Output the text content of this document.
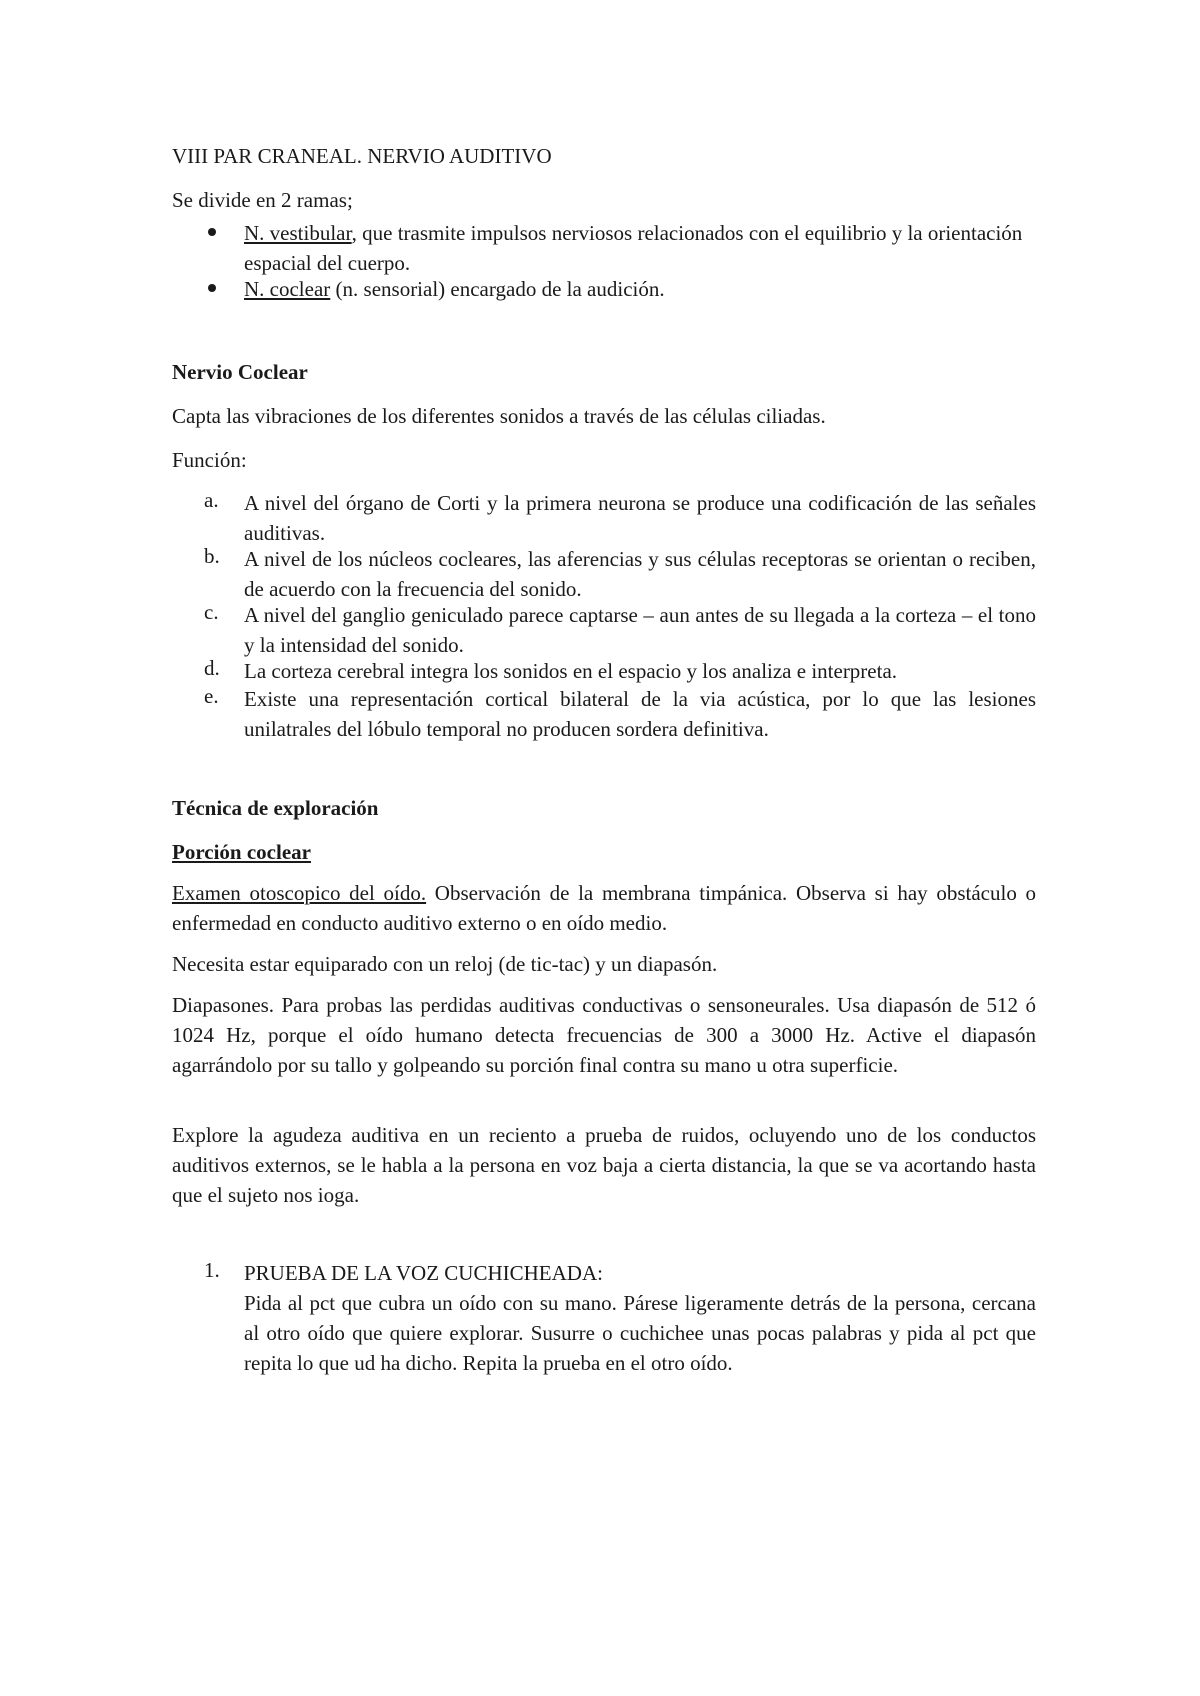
VIII PAR CRANEAL. NERVIO AUDITIVO
Se divide en 2 ramas;
N. vestibular, que trasmite impulsos nerviosos relacionados con el equilibrio y la orientación espacial del cuerpo.
N. coclear (n. sensorial) encargado de la audición.
Nervio Coclear
Capta las vibraciones de los diferentes sonidos a través de las células ciliadas.
Función:
a. A nivel del órgano de Corti y la primera neurona se produce una codificación de las señales auditivas.
b. A nivel de los núcleos cocleares, las aferencias y sus células receptoras se orientan o reciben, de acuerdo con la frecuencia del sonido.
c. A nivel del ganglio geniculado parece captarse – aun antes de su llegada a la corteza – el tono y la intensidad del sonido.
d. La corteza cerebral integra los sonidos en el espacio y los analiza e interpreta.
e. Existe una representación cortical bilateral de la via acústica, por lo que las lesiones unilatrales del lóbulo temporal no producen sordera definitiva.
Técnica de exploración
Porción coclear
Examen otoscopico del oído. Observación de la membrana timpánica. Observa si hay obstáculo o enfermedad en conducto auditivo externo o en oído medio.
Necesita estar equiparado con un reloj (de tic-tac) y un diapasón.
Diapasones. Para probas las perdidas auditivas conductivas o sensoneurales. Usa diapasón de 512 ó 1024 Hz, porque el oído humano detecta frecuencias de 300 a 3000 Hz. Active el diapasón agarrándolo por su tallo y golpeando su porción final contra su mano u otra superficie.
Explore la agudeza auditiva en un reciento a prueba de ruidos, ocluyendo uno de los conductos auditivos externos, se le habla a la persona en voz baja a cierta distancia, la que se va acortando hasta que el sujeto nos ioga.
1. PRUEBA DE LA VOZ CUCHICHEADA:
Pida al pct que cubra un oído con su mano. Párese ligeramente detrás de la persona, cercana al otro oído que quiere explorar. Susurre o cuchichee unas pocas palabras y pida al pct que repita lo que ud ha dicho. Repita la prueba en el otro oído.
